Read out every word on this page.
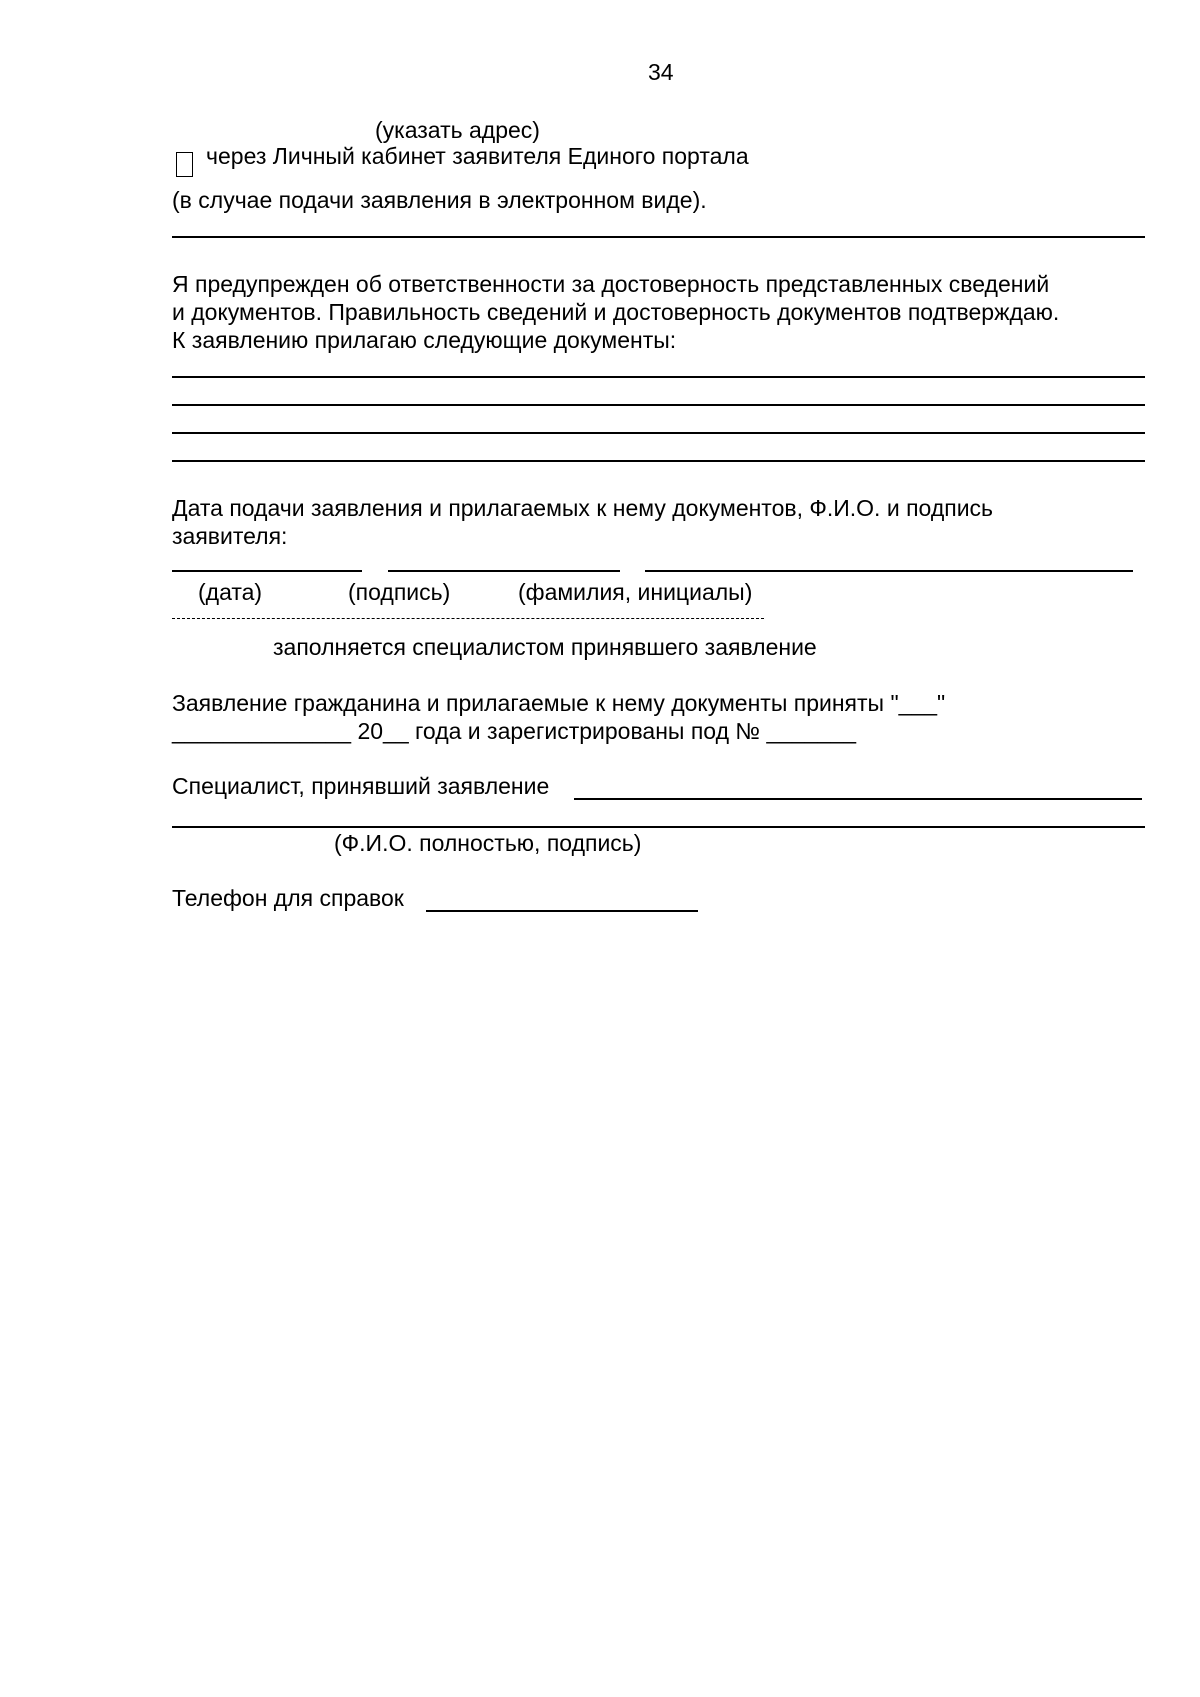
34
(указать адрес)
через Личный кабинет заявителя Единого портала
(в случае подачи заявления в электронном виде).
Я предупрежден об ответственности за достоверность представленных сведений
и документов. Правильность сведений и достоверность документов подтверждаю.
К заявлению прилагаю следующие документы:
Дата подачи заявления и прилагаемых к нему документов, Ф.И.О. и подпись
заявителя:
(дата)	(подпись)	(фамилия, инициалы)
заполняется специалистом принявшего заявление
Заявление гражданина и прилагаемые к нему документы приняты "___"
______________ 20__ года и зарегистрированы под № _______
Специалист, принявший заявление
(Ф.И.О. полностью, подпись)
Телефон для справок
